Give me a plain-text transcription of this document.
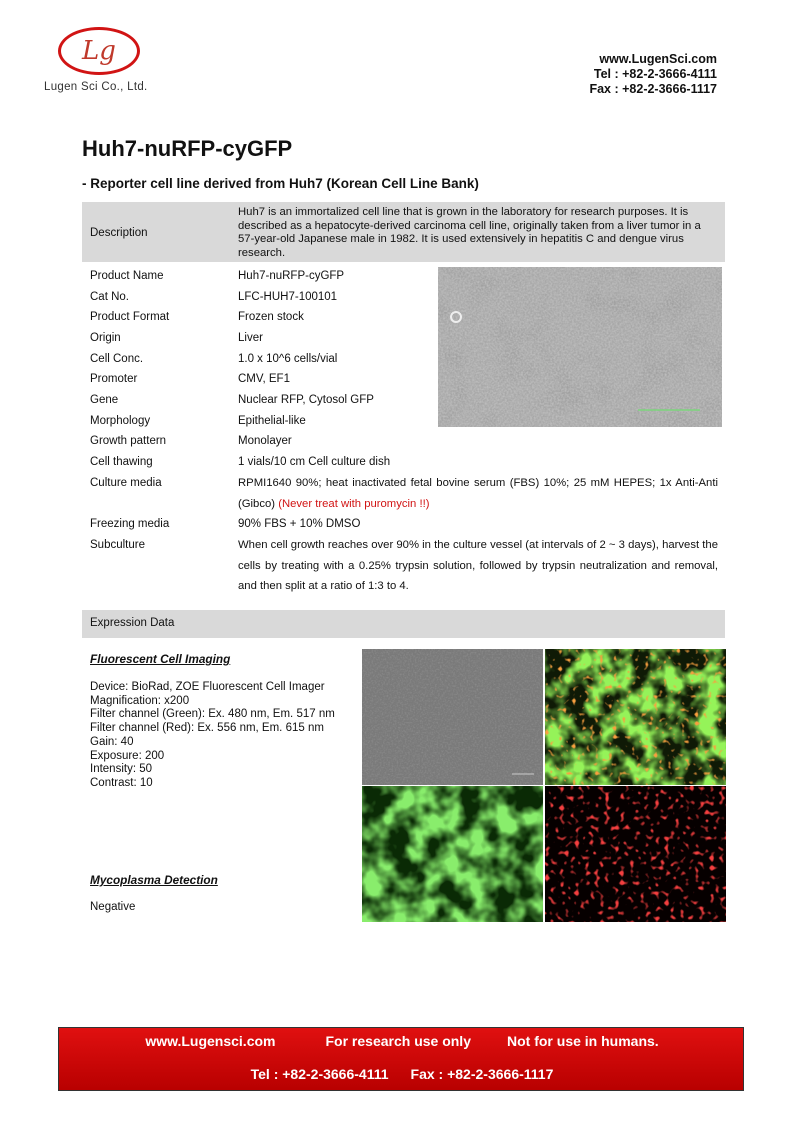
Lg
Lugen Sci Co., Ltd.
www.LugenSci.com
Tel : +82-2-3666-4111
Fax : +82-2-3666-1117
Huh7-nuRFP-cyGFP
- Reporter cell line derived from Huh7 (Korean Cell Line Bank)
Description
Huh7 is an immortalized cell line that is grown in the laboratory for research purposes. It is described as a hepatocyte-derived carcinoma cell line, originally taken from a liver tumor in a 57-year-old Japanese male in 1982. It is used extensively in hepatitis C and dengue virus research.
Product Name	Huh7-nuRFP-cyGFP
Cat No.	LFC-HUH7-100101
Product Format	Frozen stock
Origin	Liver
Cell Conc.	1.0 x 10^6 cells/vial
Promoter	CMV, EF1
Gene	Nuclear RFP, Cytosol GFP
Morphology	Epithelial-like
Growth pattern	Monolayer
Cell thawing	1 vials/10 cm Cell culture dish
Culture media	RPMI1640 90%; heat inactivated fetal bovine serum (FBS) 10%; 25 mM HEPES; 1x Anti-Anti (Gibco) (Never treat with puromycin !!)
Freezing media	90% FBS + 10% DMSO
Subculture	When cell growth reaches over 90% in the culture vessel (at intervals of 2 ~ 3 days), harvest the cells by treating with a 0.25% trypsin solution, followed by trypsin neutralization and removal, and then split at a ratio of 1:3 to 4.
Expression Data
Fluorescent Cell Imaging
Device: BioRad, ZOE Fluorescent Cell Imager
Magnification: x200
Filter channel (Green): Ex. 480 nm, Em. 517 nm
Filter channel (Red): Ex. 556 nm, Em. 615 nm
Gain: 40
Exposure: 200
Intensity: 50
Contrast: 10
Mycoplasma Detection
Negative
www.Lugensci.com	For research use only	Not for use in humans.
Tel : +82-2-3666-4111 Fax : +82-2-3666-1117
